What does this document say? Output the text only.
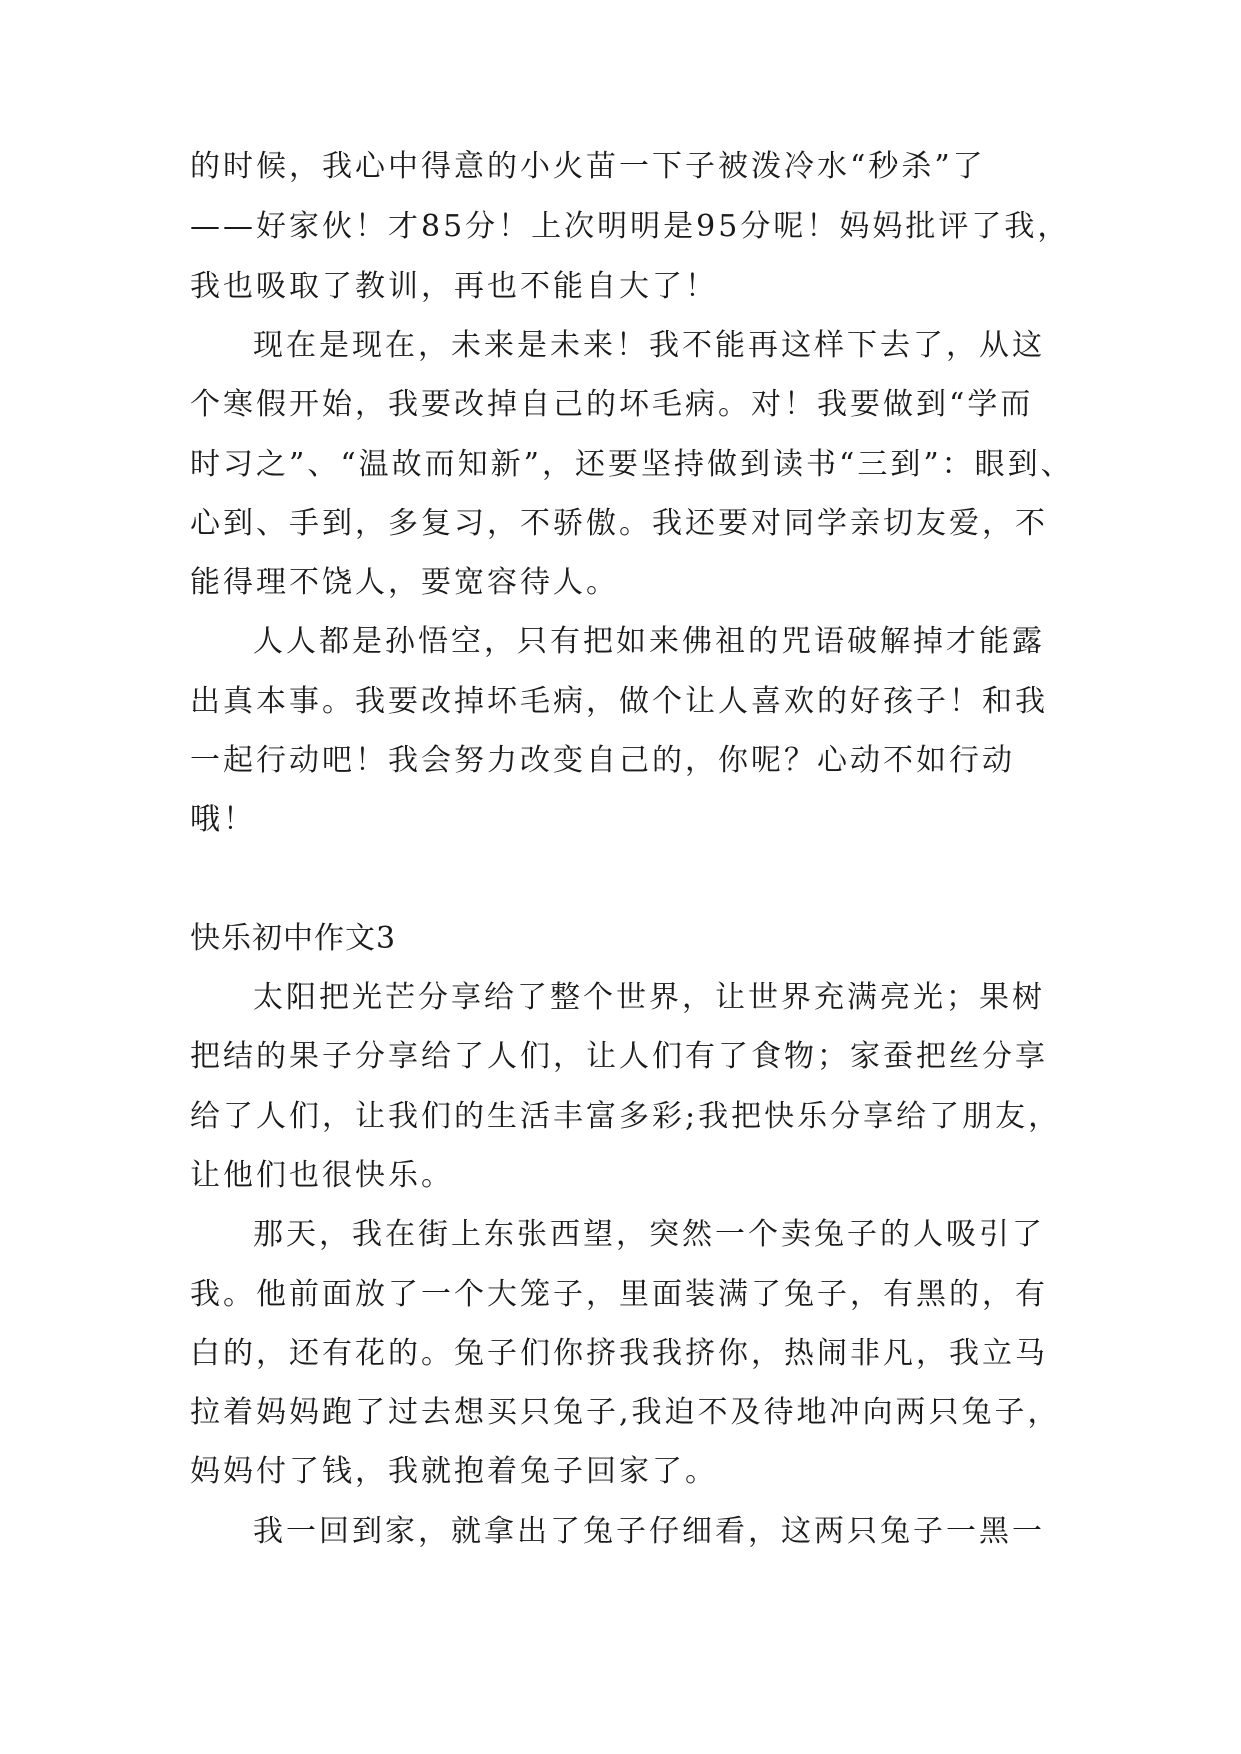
的时候，我心中得意的小火苗一下子被泼冷水“秒杀”了
——好家伙！才85分！上次明明是95分呢！妈妈批评了我，
我也吸取了教训，再也不能自大了！
现在是现在，未来是未来！我不能再这样下去了，从这
个寒假开始，我要改掉自己的坏毛病。对！我要做到“学而
时习之”、“温故而知新”，还要坚持做到读书“三到”：眼到、
心到、手到，多复习，不骄傲。我还要对同学亲切友爱，不
能得理不饶人，要宽容待人。
人人都是孙悟空，只有把如来佛祖的咒语破解掉才能露
出真本事。我要改掉坏毛病，做个让人喜欢的好孩子！和我
一起行动吧！我会努力改变自己的，你呢？心动不如行动
哦！
快乐初中作文3
太阳把光芒分享给了整个世界，让世界充满亮光；果树
把结的果子分享给了人们，让人们有了食物；家蚕把丝分享
给了人们，让我们的生活丰富多彩;我把快乐分享给了朋友，
让他们也很快乐。
那天，我在街上东张西望，突然一个卖兔子的人吸引了
我。他前面放了一个大笼子，里面装满了兔子，有黑的，有
白的，还有花的。兔子们你挤我我挤你，热闹非凡，我立马
拉着妈妈跑了过去想买只兔子,我迫不及待地冲向两只兔子，
妈妈付了钱，我就抱着兔子回家了。
我一回到家，就拿出了兔子仔细看，这两只兔子一黑一
